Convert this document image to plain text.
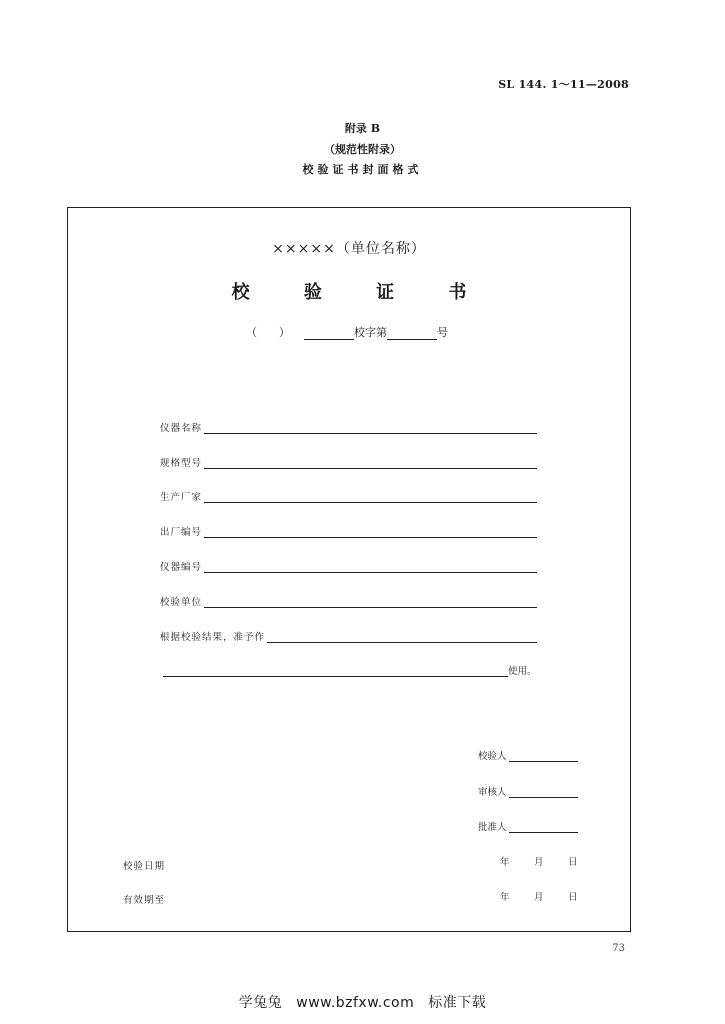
SL 144. 1～11—2008
附录 B
（规范性附录）
校验证书封面格式
×××××（单位名称）
校 验 证 书
（　　）	校字第	号
仪器名称
规格型号
生产厂家
出厂编号
仪器编号
校验单位
根据校验结果，准予作
使用。
校验人
审核人
批准人
校验日期	年	月	日
有效期至	年	月	日
73
学兔兔 www.bzfxw.com 标准下载
